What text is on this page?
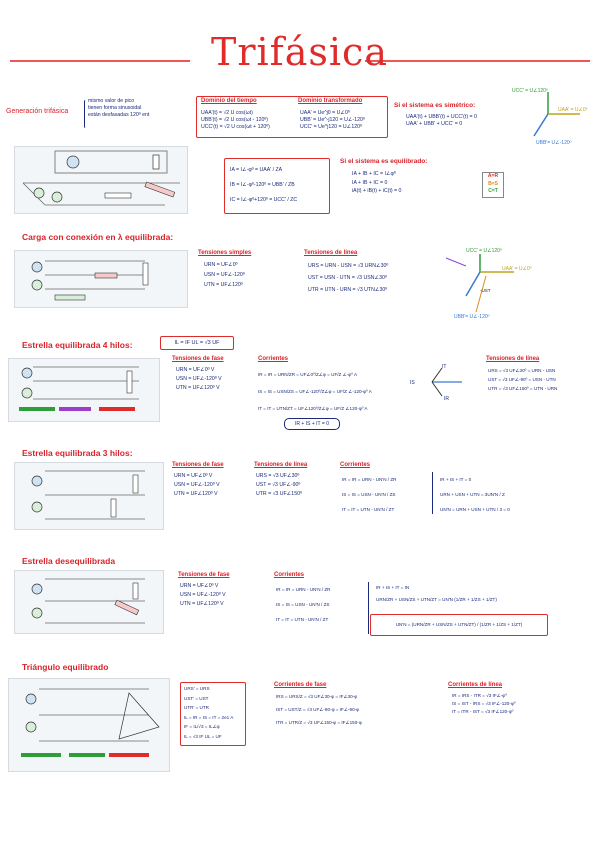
Trifásica
Generación trifásica
mismo valor de pico
tienen forma sinusoidal
están desfasadas 120º ent
Dominio del tiempo
UAA'(t) = √2 U cos(ωt)
UBB'(t) = √2 U cos(ωt - 120º)
UCC'(t) = √2 U cos(ωt + 120º)
Dominio transformado
UAA' = Ue^j0 = U∠0º
UBB' = Ue^-j120 = U∠-120º
UCC' = Ue^j120 = U∠120º
Si el sistema es simétrico:
UAA'(t) + UBB'(t) + UCC'(t) = 0
UAA' + UBB' + UCC' = 0
UCC' = U∠120º
UAA' = U∠0º
UBB'= U∠-120º
IA = I∠-φº = UAA' / ZA
IB = I∠-φº-120º = UBB' / ZB
IC = I∠-φº+120º = UCC' / ZC
Si el sistema es equilibrado:
IA + IB + IC = I∠φº
IA + IB + IC = 0
iA(t) + iB(t) + iC(t) = 0
A=R
B=S
C=T
Carga con conexión en λ equilibrada:
Tensiones simples
URN = UF∠0º
USN = UF∠-120º
UTN = UF∠120º
Tensiones de línea
URS = URN - USN = √3 URN∠30º
UST = USN - UTN = √3 USN∠30º
UTR = UTN - URN = √3 UTN∠30º
UCC' = U∠120º
UAA' = U∠0º
UBB'= U∠-120º
-UST
Estrella equilibrada 4 hilos:	IL = IF UL = √3 UF
Tensiones de fase
URN = UF∠0º V
USN = UF∠-120º V
UTN = UF∠120º V
Corrientes
IR = IR = URN/ZR = UF∠0º/Z∠φ = UF/Z ∠-φº A
IS = IS = USN/ZS = UF∠-120º/Z∠φ = UF/Z ∠-120-φº A
IT = IT = UTN/ZT = UF∠120º/Z∠φ = UF/Z ∠120-φº A
IR + IS + IT = 0
IT
IS
IR
Tensiones de línea
URS = √3 UF∠30º = URN - USN
UST = √3 UF∠-90º = USN - UTN
UTR = √3 UF∠150º = UTN - URN
Estrella equilibrada 3 hilos:
Tensiones de fase
URN = UF∠0º V
USN = UF∠-120º V
UTN = UF∠120º V
Tensiones de línea
URS = √3 UF∠30º
UST = √3 UF∠-90º
UTR = √3 UF∠150º
Corrientes
IR = IR = URN - UN'N / ZR
IS = IS = USN - UN'N / ZS
IT = IT = UTN - UN'N / ZT
IR + IS + IT = 0
URN + USN + UTN = 3UN'N / Z
UN'N = URN + USN + UTN / 3 = 0
Estrella desequilibrada
Tensiones de fase
URN = UF∠0º V
USN = UF∠-120º V
UTN = UF∠120º V
Corrientes
IR = IR = URN - UN'N / ZR
IS = IS = USN - UN'N / ZS
IT = IT = UTN - UN'N / ZT
IR + IS + IT = IN
URN/ZR + USN/ZS + UTN/ZT = UN'N (1/ZR + 1/ZS + 1/ZT)
UN'N = (URN/ZR + USN/ZS + UTN/ZT) / (1/ZR + 1/ZS + 1/ZT)
Triángulo equilibrado
URS' = URS
UST' = UST
UTR' = UTR
IL = IR = IS = IT = 2e1 A
IF = IL/√3 = IL∠φ
IL = √3 IF UL = UF
Corrientes de fase
IRS = URS/Z = √3 UF∠30-φ = IF∠30-φ
IST = UST/Z = √3 UF∠-90-φ = IF∠-90-φ
ITR = UTR/Z = √3 UF∠150-φ = IF∠150-φ
Corrientes de línea
IR = IRS - ITR = √3 IF∠-φº
IS = IST - IRS = √3 IF∠-120-φº
IT = ITR - IST = √3 IF∠120-φº
